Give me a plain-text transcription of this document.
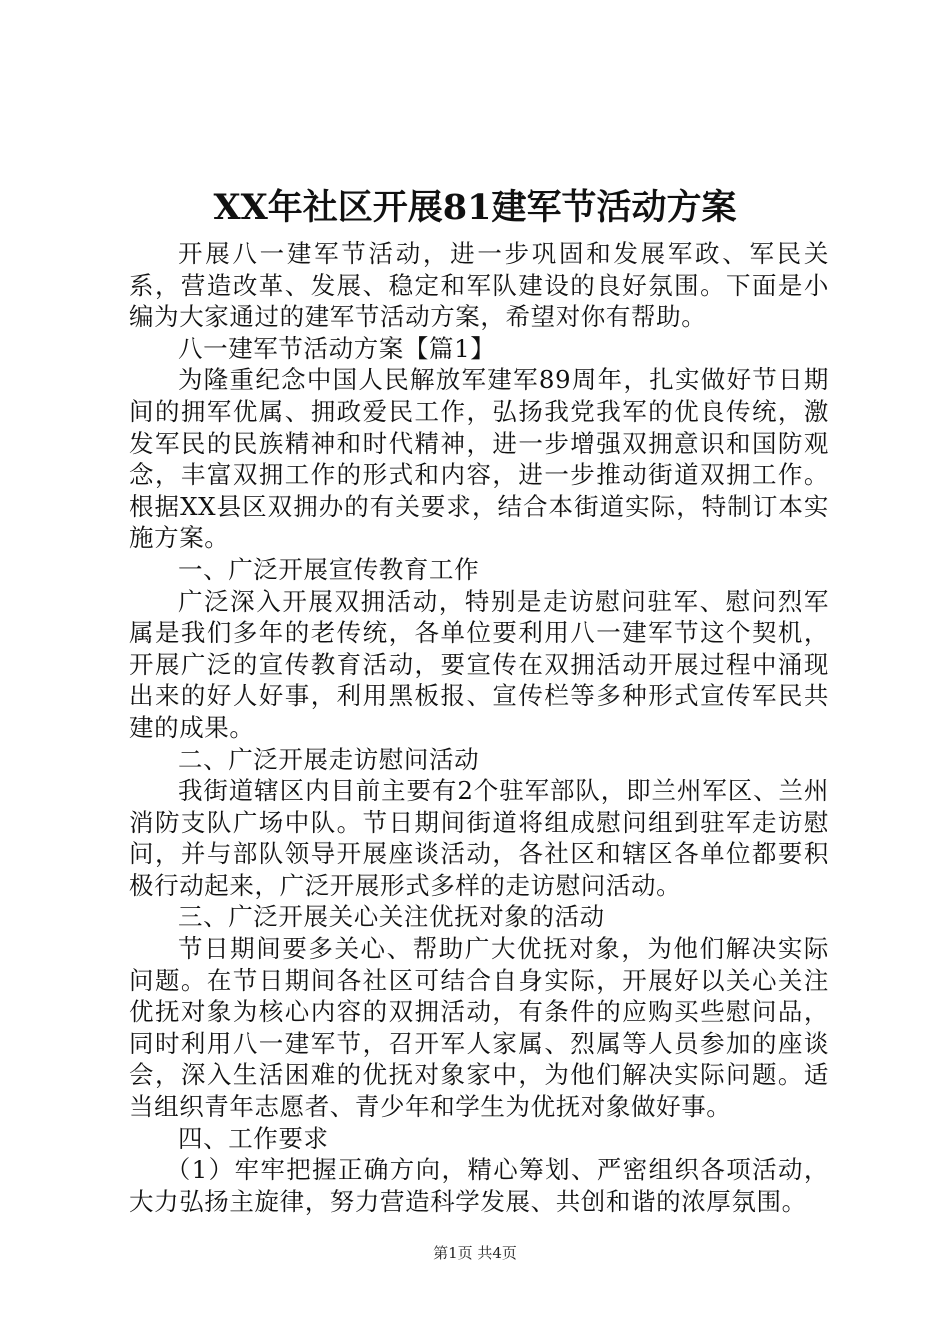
XX年社区开展81建军节活动方案

开展八一建军节活动，进一步巩固和发展军政、军民关系，营造改革、发展、稳定和军队建设的良好氛围。下面是小编为大家通过的建军节活动方案，希望对你有帮助。

八一建军节活动方案【篇1】

为隆重纪念中国人民解放军建军89周年，扎实做好节日期间的拥军优属、拥政爱民工作，弘扬我党我军的优良传统，激发军民的民族精神和时代精神，进一步增强双拥意识和国防观念，丰富双拥工作的形式和内容，进一步推动街道双拥工作。根据XX县区双拥办的有关要求，结合本街道实际，特制订本实施方案。

一、广泛开展宣传教育工作

广泛深入开展双拥活动，特别是走访慰问驻军、慰问烈军属是我们多年的老传统，各单位要利用八一建军节这个契机，开展广泛的宣传教育活动，要宣传在双拥活动开展过程中涌现出来的好人好事，利用黑板报、宣传栏等多种形式宣传军民共建的成果。

二、广泛开展走访慰问活动

我街道辖区内目前主要有2个驻军部队，即兰州军区、兰州消防支队广场中队。节日期间街道将组成慰问组到驻军走访慰问，并与部队领导开展座谈活动，各社区和辖区各单位都要积极行动起来，广泛开展形式多样的走访慰问活动。

三、广泛开展关心关注优抚对象的活动

节日期间要多关心、帮助广大优抚对象，为他们解决实际问题。在节日期间各社区可结合自身实际，开展好以关心关注优抚对象为核心内容的双拥活动，有条件的应购买些慰问品，同时利用八一建军节，召开军人家属、烈属等人员参加的座谈会，深入生活困难的优抚对象家中，为他们解决实际问题。适当组织青年志愿者、青少年和学生为优抚对象做好事。

四、工作要求

（1）牢牢把握正确方向，精心筹划、严密组织各项活动，大力弘扬主旋律，努力营造科学发展、共创和谐的浓厚氛围。

第1页 共4页
